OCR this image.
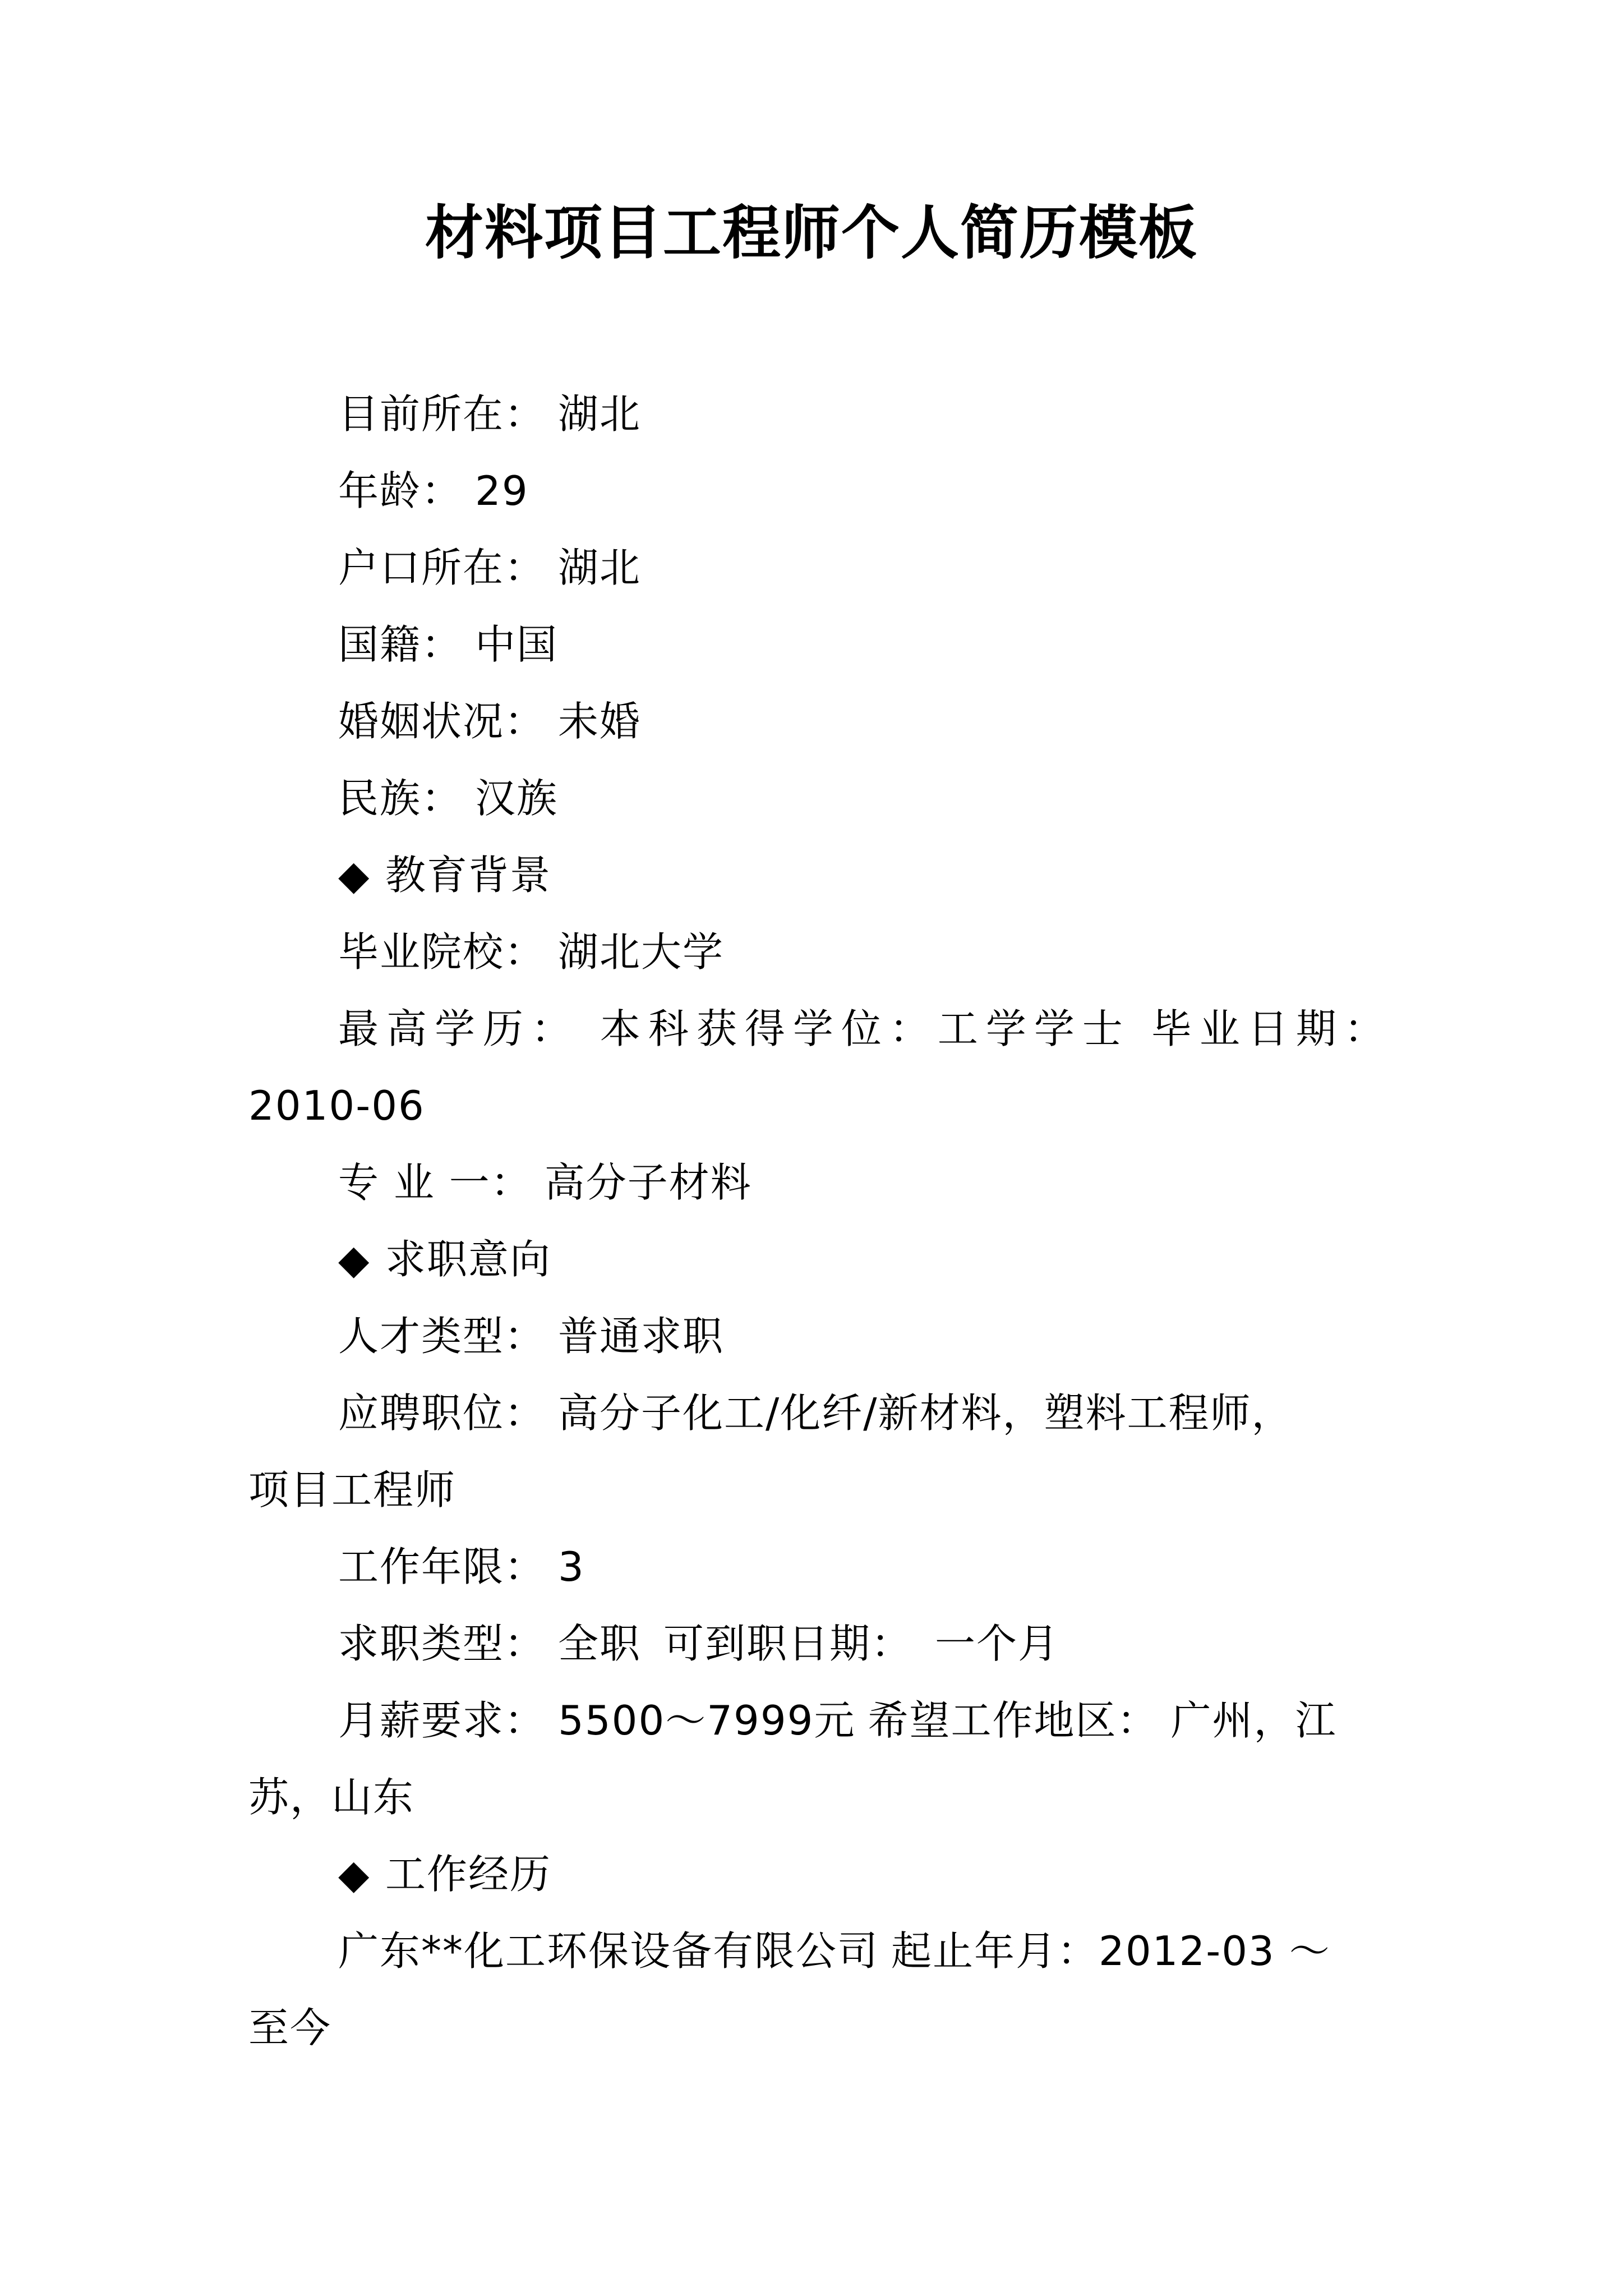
材料项目工程师个人简历模板
目前所在： 湖北
年龄： 29
户口所在： 湖北
国籍： 中国
婚姻状况： 未婚
民族： 汉族
◆ 教育背景
毕业院校： 湖北大学
最高学历： 本科获得学位：工学学士 毕业日期：
2010-06
专 业 一： 高分子材料
◆ 求职意向
人才类型： 普通求职
应聘职位： 高分子化工/化纤/新材料，塑料工程师，
项目工程师
工作年限： 3
求职类型： 全职 可到职日期： 一个月
月薪要求： 5500～7999元 希望工作地区： 广州，江
苏，山东
◆ 工作经历
广东**化工环保设备有限公司 起止年月：2012-03 ～
至今
